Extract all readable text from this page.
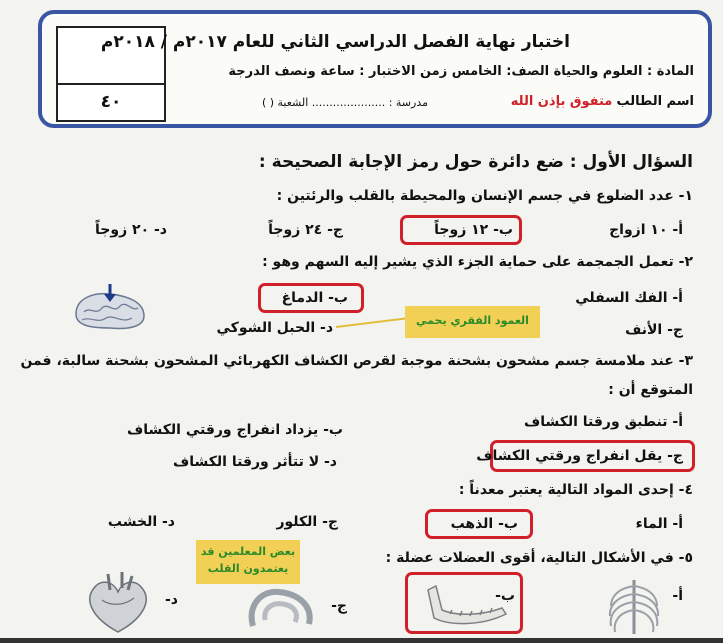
٤٠
اختبار نهاية الفصل الدراسي الثاني للعام ٢٠١٧م / ٢٠١٨م
المادة : العلوم والحياة الصف: الخامس زمن الاختبار : ساعة ونصف الدرجة
اسم الطالب متفوق بإذن الله
مدرسة : ..................... الشعبة ( )
السؤال الأول : ضع دائرة حول رمز الإجابة الصحيحة :
١- عدد الضلوع في جسم الإنسان والمحيطة بالقلب والرئتين :
أ- ١٠ ازواج
ب- ١٢ زوجاً
ج- ٢٤ زوجاً
د- ٢٠ زوجاً
٢- تعمل الجمجمة على حماية الجزء الذي يشير إليه السهم وهو :
أ- الفك السفلي
ب- الدماغ
ج- الأنف
د- الحبل الشوكي	العمود الفقري يحمي
٣- عند ملامسة جسم مشحون بشحنة موجبة لقرص الكشاف الكهربائي المشحون بشحنة سالبة، فمن
المتوقع أن :
أ- تنطبق ورقتا الكشاف
ب- يزداد انفراج ورقتي الكشاف
ج- يقل انفراج ورقتي الكشاف
د- لا تتأثر ورقتا الكشاف
٤- إحدى المواد التالية يعتبر معدناً :
أ- الماء
ب- الذهب
ج- الكلور
د- الخشب
٥- في الأشكال التالية، أقوى العضلات عضلة :
بعض المعلمين قد
يعتمدون القلب
أ-
ب-
ج-
د-
